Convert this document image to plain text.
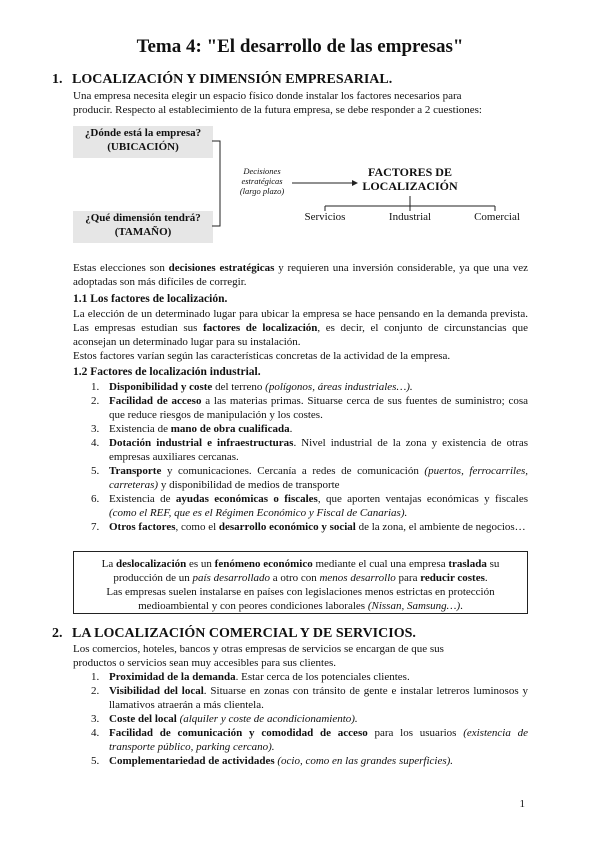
Tema 4: "El desarrollo de las empresas"
1. LOCALIZACIÓN Y DIMENSIÓN EMPRESARIAL.
Una empresa necesita elegir un espacio físico donde instalar los factores necesarios para
producir. Respecto al establecimiento de la futura empresa, se debe responder a 2 cuestiones:
¿Dónde está la empresa?
(UBICACIÓN)
¿Qué dimensión tendrá?
(TAMAÑO)
Decisiones
estratégicas
(largo plazo)
FACTORES DE
LOCALIZACIÓN
Servicios	Industrial	Comercial
Estas elecciones son decisiones estratégicas y requieren una inversión considerable, ya que una vez adoptadas son más difíciles de corregir.
1.1 Los factores de localización.
La elección de un determinado lugar para ubicar la empresa se hace pensando en la demanda prevista. Las empresas estudian sus factores de localización, es decir, el conjunto de circunstancias que aconsejan un determinado lugar para su instalación.
Estos factores varían según las características concretas de la actividad de la empresa.
1.2 Factores de localización industrial.
1. Disponibilidad y coste del terreno (polígonos, áreas industriales…).
2. Facilidad de acceso a las materias primas. Situarse cerca de sus fuentes de suministro; cosa que reduce riesgos de manipulación y los costes.
3. Existencia de mano de obra cualificada.
4. Dotación industrial e infraestructuras. Nivel industrial de la zona y existencia de otras empresas auxiliares cercanas.
5. Transporte y comunicaciones. Cercanía a redes de comunicación (puertos, ferrocarriles, carreteras) y disponibilidad de medios de transporte
6. Existencia de ayudas económicas o fiscales, que aporten ventajas económicas y fiscales (como el REF, que es el Régimen Económico y Fiscal de Canarias).
7. Otros factores, como el desarrollo económico y social de la zona, el ambiente de negocios…
La deslocalización es un fenómeno económico mediante el cual una empresa traslada su
producción de un país desarrollado a otro con menos desarrollo para reducir costes.
Las empresas suelen instalarse en países con legislaciones menos estrictas en protección
medioambiental y con peores condiciones laborales (Nissan, Samsung…).
2. LA LOCALIZACIÓN COMERCIAL Y DE SERVICIOS.
Los comercios, hoteles, bancos y otras empresas de servicios se encargan de que sus
productos o servicios sean muy accesibles para sus clientes.
1. Proximidad de la demanda. Estar cerca de los potenciales clientes.
2. Visibilidad del local. Situarse en zonas con tránsito de gente e instalar letreros luminosos y llamativos atraerán a más clientela.
3. Coste del local (alquiler y coste de acondicionamiento).
4. Facilidad de comunicación y comodidad de acceso para los usuarios (existencia de transporte público, parking cercano).
5. Complementariedad de actividades (ocio, como en las grandes superficies).
1
